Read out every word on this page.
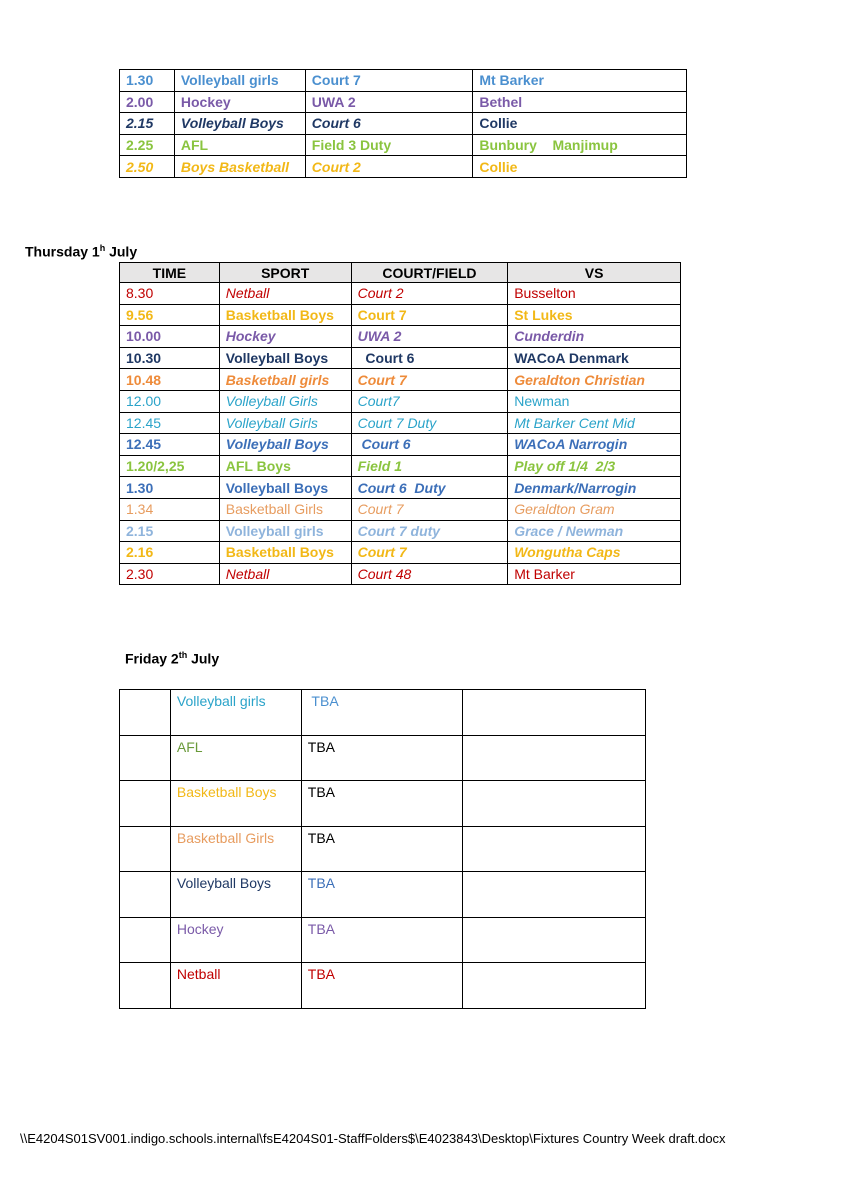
1.30	Volleyball girls	Court 7	Mt Barker
2.00	Hockey	UWA 2	Bethel
2.15	Volleyball Boys	Court 6	Collie
2.25	AFL	Field 3 Duty	Bunbury    Manjimup
2.50	Boys Basketball	Court 2	Collie
Thursday 1$^h$ July
TIME	SPORT	COURT/FIELD	VS
8.30	Netball	Court 2	Busselton
9.56	Basketball Boys	Court 7	St Lukes
10.00	Hockey	UWA 2	Cunderdin
10.30	Volleyball Boys	Court 6	WACoA Denmark
10.48	Basketball girls	Court 7	Geraldton Christian
12.00	Volleyball Girls	Court7	Newman
12.45	Volleyball Girls	Court 7 Duty	Mt Barker Cent Mid
12.45	Volleyball Boys	Court 6	WACoA Narrogin
1.20/2,25	AFL Boys	Field 1	Play off 1/4  2/3
1.30	Volleyball Boys	Court 6  Duty	Denmark/Narrogin
1.34	Basketball Girls	Court 7	Geraldton Gram
2.15	Volleyball girls	Court 7 duty	Grace / Newman
2.16	Basketball Boys	Court 7	Wongutha Caps
2.30	Netball	Court 48	Mt Barker
Friday 2th July
	Volleyball girls	TBA	
	AFL	TBA	
	Basketball Boys	TBA	
	Basketball Girls	TBA	
	Volleyball Boys	TBA	
	Hockey	TBA	
	Netball	TBA	
\\E4204S01SV001.indigo.schools.internal\fsE4204S01-StaffFolders$\E4023843\Desktop\Fixtures Country Week draft.docx
